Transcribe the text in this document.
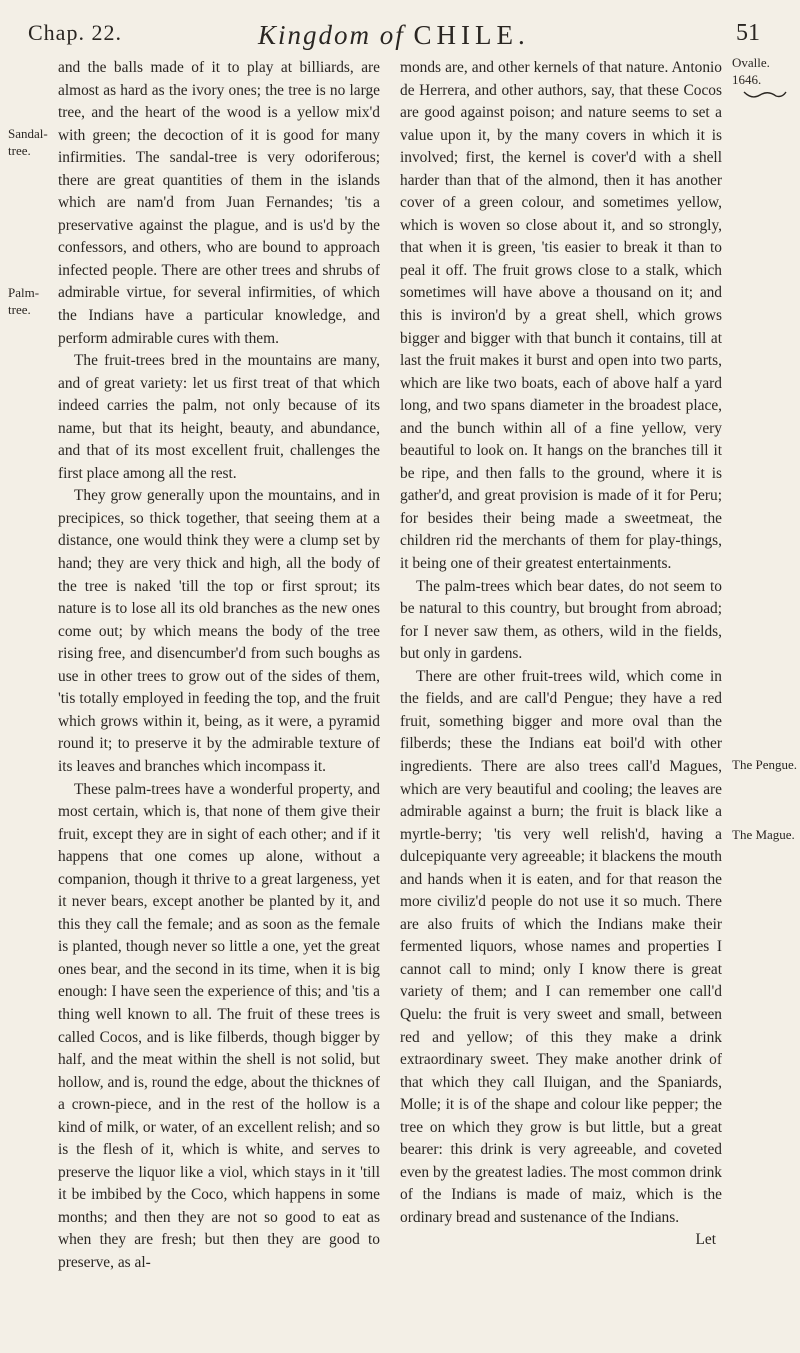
Chap. 22.	Kingdom of CHILE.	51
Sandal-tree.
Palm-tree.
Ovalle. 1646.
The Pengue.
The Mague.

and the balls made of it to play at billiards, are almost as hard as the ivory ones; the tree is no large tree, and the heart of the wood is a yellow mix'd with green; the decoction of it is good for many infirmities. The sandal-tree is very odoriferous; there are great quantities of them in the islands which are nam'd from Juan Fernandes; 'tis a preservative against the plague, and is us'd by the confessors, and others, who are bound to approach infected people. There are other trees and shrubs of admirable virtue, for several infirmities, of which the Indians have a particular knowledge, and perform admirable cures with them.

The fruit-trees bred in the mountains are many, and of great variety: let us first treat of that which indeed carries the palm, not only because of its name, but that its height, beauty, and abundance, and that of its most excellent fruit, challenges the first place among all the rest.

They grow generally upon the mountains, and in precipices, so thick together, that seeing them at a distance, one would think they were a clump set by hand; they are very thick and high, all the body of the tree is naked 'till the top or first sprout; its nature is to lose all its old branches as the new ones come out; by which means the body of the tree rising free, and disencumber'd from such boughs as use in other trees to grow out of the sides of them, 'tis totally employed in feeding the top, and the fruit which grows within it, being, as it were, a pyramid round it; to preserve it by the admirable texture of its leaves and branches which incompass it.

These palm-trees have a wonderful property, and most certain, which is, that none of them give their fruit, except they are in sight of each other; and if it happens that one comes up alone, without a companion, though it thrive to a great largeness, yet it never bears, except another be planted by it, and this they call the female; and as soon as the female is planted, though never so little a one, yet the great ones bear, and the second in its time, when it is big enough: I have seen the experience of this; and 'tis a thing well known to all. The fruit of these trees is called Cocos, and is like filberds, though bigger by half, and the meat within the shell is not solid, but hollow, and is, round the edge, about the thicknes of a crown-piece, and in the rest of the hollow is a kind of milk, or water, of an excellent relish; and so is the flesh of it, which is white, and serves to preserve the liquor like a viol, which stays in it 'till it be imbibed by the Coco, which happens in some months; and then they are not so good to eat as when they are fresh; but then they are good to preserve, as al-

monds are, and other kernels of that nature. Antonio de Herrera, and other authors, say, that these Cocos are good against poison; and nature seems to set a value upon it, by the many covers in which it is involved; first, the kernel is cover'd with a shell harder than that of the almond, then it has another cover of a green colour, and sometimes yellow, which is woven so close about it, and so strongly, that when it is green, 'tis easier to break it than to peal it off. The fruit grows close to a stalk, which sometimes will have above a thousand on it; and this is inviron'd by a great shell, which grows bigger and bigger with that bunch it contains, till at last the fruit makes it burst and open into two parts, which are like two boats, each of above half a yard long, and two spans diameter in the broadest place, and the bunch within all of a fine yellow, very beautiful to look on. It hangs on the branches till it be ripe, and then falls to the ground, where it is gather'd, and great provision is made of it for Peru; for besides their being made a sweetmeat, the children rid the merchants of them for play-things, it being one of their greatest entertainments.

The palm-trees which bear dates, do not seem to be natural to this country, but brought from abroad; for I never saw them, as others, wild in the fields, but only in gardens.

There are other fruit-trees wild, which come in the fields, and are call'd Pengue; they have a red fruit, something bigger and more oval than the filberds; these the Indians eat boil'd with other ingredients. There are also trees call'd Magues, which are very beautiful and cooling; the leaves are admirable against a burn; the fruit is black like a myrtle-berry; 'tis very well relish'd, having a dulcepiquante very agreeable; it blackens the mouth and hands when it is eaten, and for that reason the more civiliz'd people do not use it so much. There are also fruits of which the Indians make their fermented liquors, whose names and properties I cannot call to mind; only I know there is great variety of them; and I can remember one call'd Quelu: the fruit is very sweet and small, between red and yellow; of this they make a drink extraordinary sweet. They make another drink of that which they call Iluigan, and the Spaniards, Molle; it is of the shape and colour like pepper; the tree on which they grow is but little, but a great bearer: this drink is very agreeable, and coveted even by the greatest ladies. The most common drink of the Indians is made of maiz, which is the ordinary bread and sustenance of the Indians.

Let
